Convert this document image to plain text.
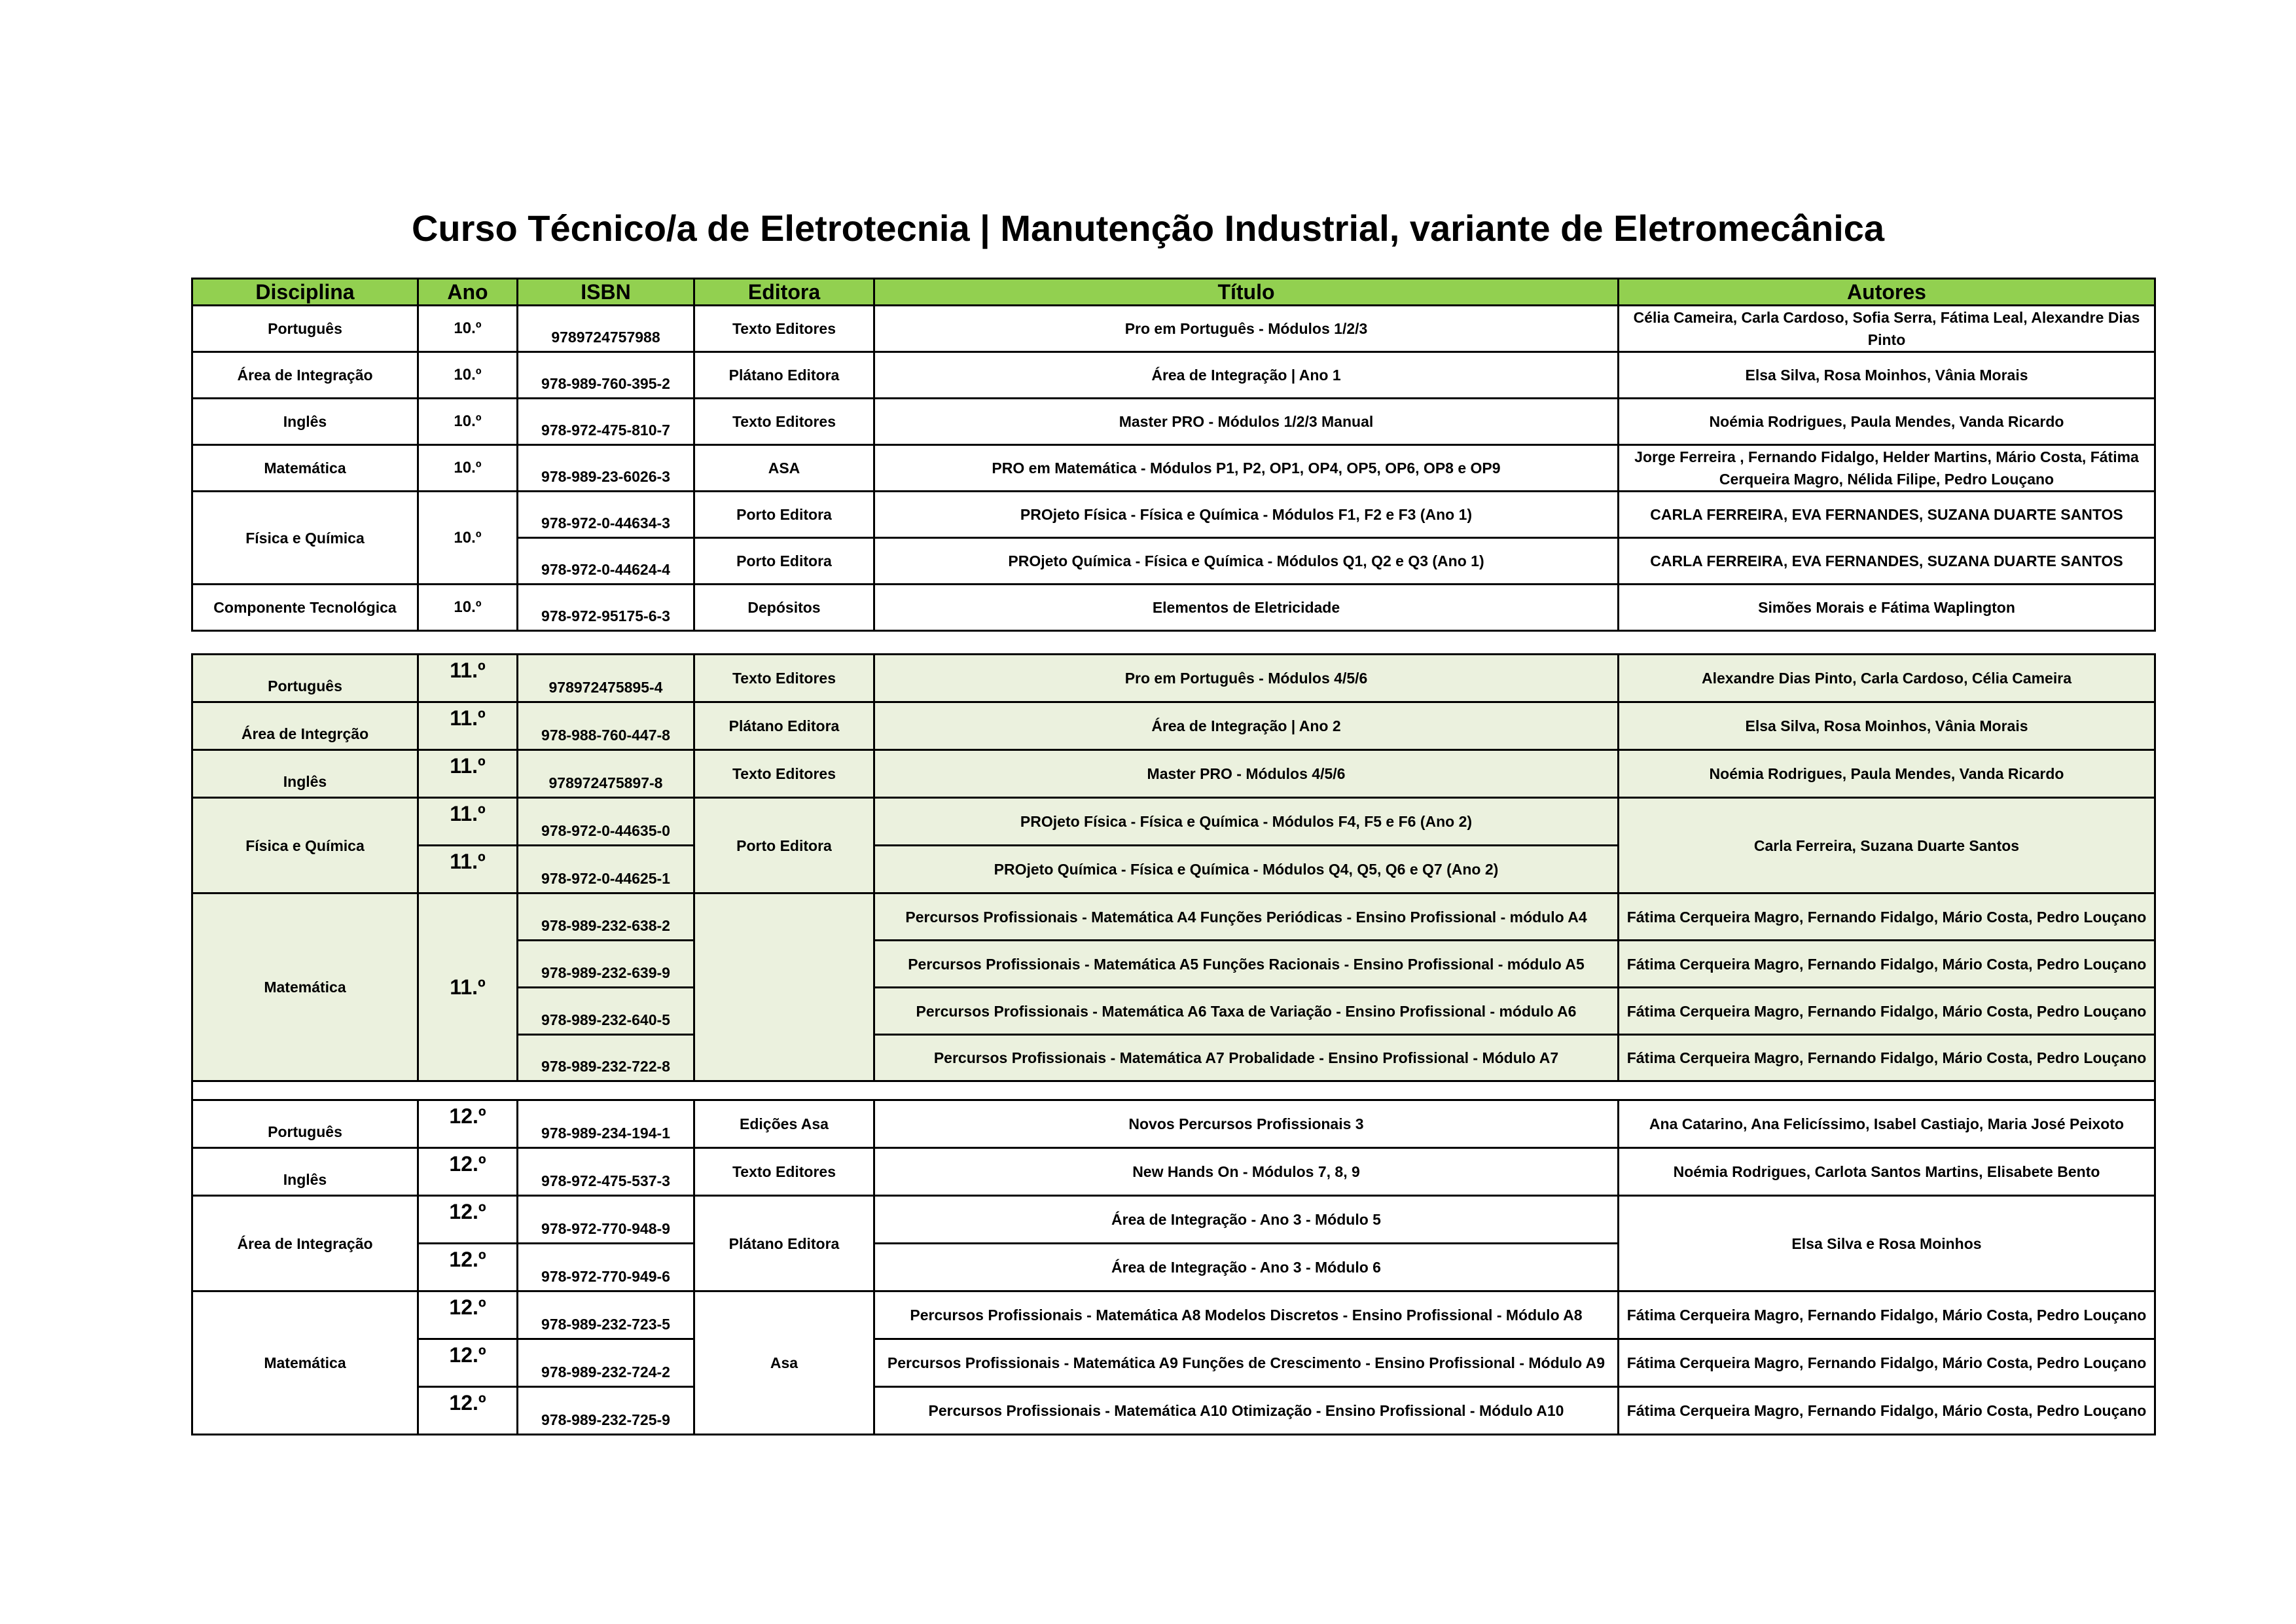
Curso Técnico/a de Eletrotecnia | Manutenção Industrial, variante de Eletromecânica
Disciplina	Ano	ISBN	Editora	Título	Autores
Português	10.º	9789724757988	Texto Editores	Pro em Português - Módulos 1/2/3	Célia Cameira, Carla Cardoso, Sofia Serra, Fátima Leal, Alexandre Dias Pinto
Área de Integração	10.º	978-989-760-395-2	Plátano Editora	Área de Integração | Ano 1	Elsa Silva, Rosa Moinhos, Vânia Morais
Inglês	10.º	978-972-475-810-7	Texto Editores	Master PRO - Módulos 1/2/3 Manual	Noémia Rodrigues, Paula Mendes, Vanda Ricardo
Matemática	10.º	978-989-23-6026-3	ASA	PRO em Matemática - Módulos P1, P2, OP1, OP4, OP5, OP6, OP8 e OP9	Jorge Ferreira , Fernando Fidalgo, Helder Martins, Mário Costa, Fátima Cerqueira Magro, Nélida Filipe, Pedro Louçano
Física e Química	10.º	978-972-0-44634-3	Porto Editora	PROjeto Física - Física e Química - Módulos F1, F2 e F3 (Ano 1)	CARLA FERREIRA, EVA FERNANDES, SUZANA DUARTE SANTOS
		978-972-0-44624-4	Porto Editora	PROjeto Química - Física e Química - Módulos Q1, Q2 e Q3 (Ano 1)	CARLA FERREIRA, EVA FERNANDES, SUZANA DUARTE SANTOS
Componente Tecnológica	10.º	978-972-95175-6-3	Depósitos	Elementos de Eletricidade	Simões Morais e Fátima Waplington
Português	11.º	978972475895-4	Texto Editores	Pro em Português - Módulos 4/5/6	Alexandre Dias Pinto, Carla Cardoso, Célia Cameira
Área de Integrção	11.º	978-988-760-447-8	Plátano Editora	Área de Integração | Ano 2	Elsa Silva, Rosa Moinhos, Vânia Morais
Inglês	11.º	978972475897-8	Texto Editores	Master PRO - Módulos 4/5/6	Noémia Rodrigues, Paula Mendes, Vanda Ricardo
Física e Química	11.º	978-972-0-44635-0	Porto Editora	PROjeto Física - Física e Química - Módulos F4, F5 e F6 (Ano 2)	Carla Ferreira, Suzana Duarte Santos
	11.º	978-972-0-44625-1		PROjeto Química - Física e Química - Módulos Q4, Q5, Q6 e Q7 (Ano 2)	
Matemática	11.º	978-989-232-638-2		Percursos Profissionais - Matemática A4 Funções Periódicas - Ensino Profissional - módulo A4	Fátima Cerqueira Magro, Fernando Fidalgo, Mário Costa, Pedro Louçano
		978-989-232-639-9		Percursos Profissionais - Matemática A5 Funções Racionais - Ensino Profissional - módulo A5	Fátima Cerqueira Magro, Fernando Fidalgo, Mário Costa, Pedro Louçano
		978-989-232-640-5		Percursos Profissionais - Matemática A6 Taxa de Variação - Ensino Profissional - módulo A6	Fátima Cerqueira Magro, Fernando Fidalgo, Mário Costa, Pedro Louçano
		978-989-232-722-8		Percursos Profissionais - Matemática A7 Probalidade - Ensino Profissional - Módulo A7	Fátima Cerqueira Magro, Fernando Fidalgo, Mário Costa, Pedro Louçano

Português	12.º	978-989-234-194-1	Edições Asa	Novos Percursos Profissionais 3	Ana Catarino, Ana Felicíssimo, Isabel Castiajo, Maria José Peixoto
Inglês	12.º	978-972-475-537-3	Texto Editores	New Hands On - Módulos 7, 8, 9	Noémia Rodrigues, Carlota Santos Martins, Elisabete Bento
Área de Integração	12.º	978-972-770-948-9	Plátano Editora	Área de Integração - Ano 3 - Módulo 5	Elsa Silva e Rosa Moinhos
	12.º	978-972-770-949-6		Área de Integração - Ano 3 - Módulo 6	
Matemática	12.º	978-989-232-723-5	Asa	Percursos Profissionais - Matemática A8 Modelos Discretos - Ensino Profissional - Módulo A8	Fátima Cerqueira Magro, Fernando Fidalgo, Mário Costa, Pedro Louçano
	12.º	978-989-232-724-2		Percursos Profissionais - Matemática A9 Funções de Crescimento - Ensino Profissional - Módulo A9	Fátima Cerqueira Magro, Fernando Fidalgo, Mário Costa, Pedro Louçano
	12.º	978-989-232-725-9		Percursos Profissionais - Matemática A10 Otimização - Ensino Profissional - Módulo A10	Fátima Cerqueira Magro, Fernando Fidalgo, Mário Costa, Pedro Louçano
